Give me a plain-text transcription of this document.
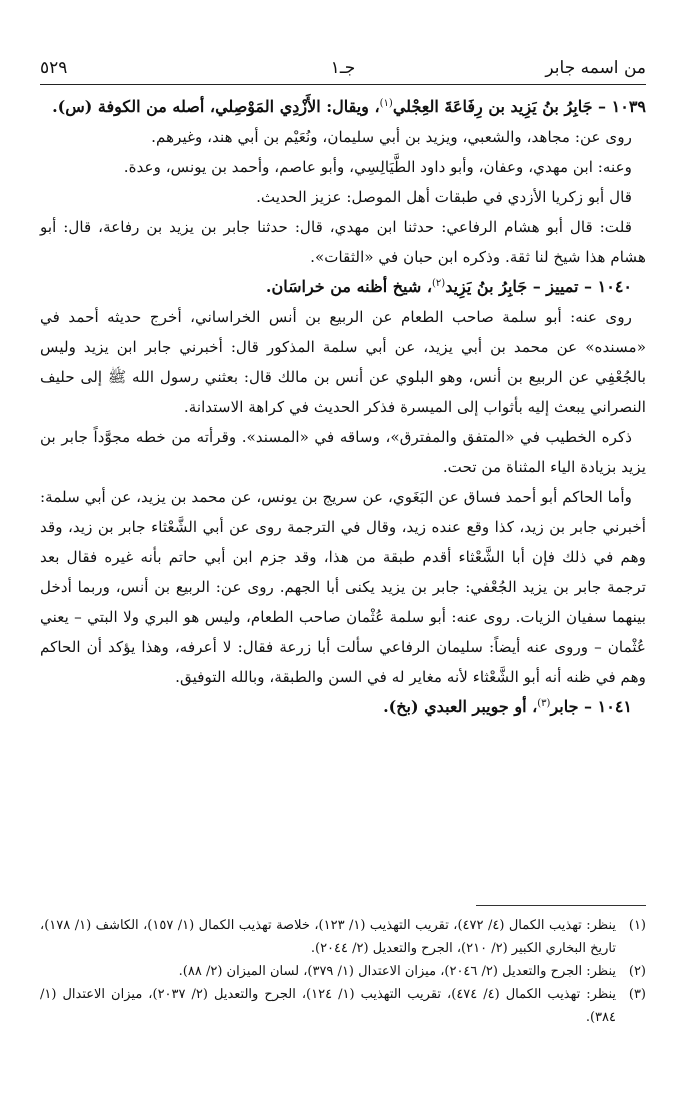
من اسمه جابر
جـ١
٥٢٩

١٠٣٩ – جَابِرُ بنُ يَزِيد بن رِفَاعَةَ العِجْلي$^{(١)}$، ويقال: الأَزْدِي المَوْصِلي، أصله من الكوفة (س).

روى عن: مجاهد، والشعبي، ويزيد بن أبي سليمان، ونُعَيْم بن أبي هند، وغيرهم.

وعنه: ابن مهدي، وعفان، وأبو داود الطَّيَالِسِي، وأبو عاصم، وأحمد بن يونس، وعدة.

قال أبو زكريا الأزدي في طبقات أهل الموصل: عزيز الحديث.

قلت: قال أبو هشام الرفاعي: حدثنا ابن مهدي، قال: حدثنا جابر بن يزيد بن رفاعة، قال: أبو هشام هذا شيخ لنا ثقة. وذكره ابن حبان في «الثقات».

١٠٤٠ – تمييز – جَابِرُ بنُ يَزِيد$^{(٢)}$، شيخ أظنه من خراسَان.

روى عنه: أبو سلمة صاحب الطعام عن الربيع بن أنس الخراساني، أخرج حديثه أحمد في «مسنده» عن محمد بن أبي يزيد، عن أبي سلمة المذكور قال: أخبرني جابر ابن يزيد وليس بالجُعْفِي عن الربيع بن أنس، وهو البلوي عن أنس بن مالك قال: بعثني رسول الله ﷺ إلى حليف النصراني يبعث إليه بأثواب إلى الميسرة فذكر الحديث في كراهة الاستدانة.

ذكره الخطيب في «المتفق والمفترق»، وساقه في «المسند». وقرأته من خطه مجوَّداً جابر بن يزيد بزيادة الياء المثناة من تحت.

وأما الحاكم أبو أحمد فساق عن البَغَوي، عن سريج بن يونس، عن محمد بن يزيد، عن أبي سلمة: أخبرني جابر بن زيد، كذا وقع عنده زيد، وقال في الترجمة روى عن أبي الشَّعْثاء جابر بن زيد، وقد وهم في ذلك فإن أبا الشَّعْثاء أقدم طبقة من هذا، وقد جزم ابن أبي حاتم بأنه غيره فقال بعد ترجمة جابر بن يزيد الجُعْفي: جابر بن يزيد يكنى أبا الجهم. روى عن: الربيع بن أنس، وربما أدخل بينهما سفيان الزيات. روى عنه: أبو سلمة عُثْمان صاحب الطعام، وليس هو البري ولا البتي – يعني عُثْمان – وروى عنه أيضاً: سليمان الرفاعي سألت أبا زرعة فقال: لا أعرفه، وهذا يؤكد أن الحاكم وهم في ظنه أنه أبو الشَّعْثاء لأنه مغاير له في السن والطبقة، وبالله التوفيق.

١٠٤١ – جابر$^{(٣)}$، أو جويبر العبدي (بخ).

(١)
ينظر: تهذيب الكمال (٤/ ٤٧٢)، تقريب التهذيب (١/ ١٢٣)، خلاصة تهذيب الكمال (١/ ١٥٧)، الكاشف (١/ ١٧٨)، تاريخ البخاري الكبير (٢/ ٢١٠)، الجرح والتعديل (٢/ ٢٠٤٤).
(٢)
ينظر: الجرح والتعديل (٢/ ٢٠٤٦)، ميزان الاعتدال (١/ ٣٧٩)، لسان الميزان (٢/ ٨٨).
(٣)
ينظر: تهذيب الكمال (٤/ ٤٧٤)، تقريب التهذيب (١/ ١٢٤)، الجرح والتعديل (٢/ ٢٠٣٧)، ميزان الاعتدال (١/ ٣٨٤).
